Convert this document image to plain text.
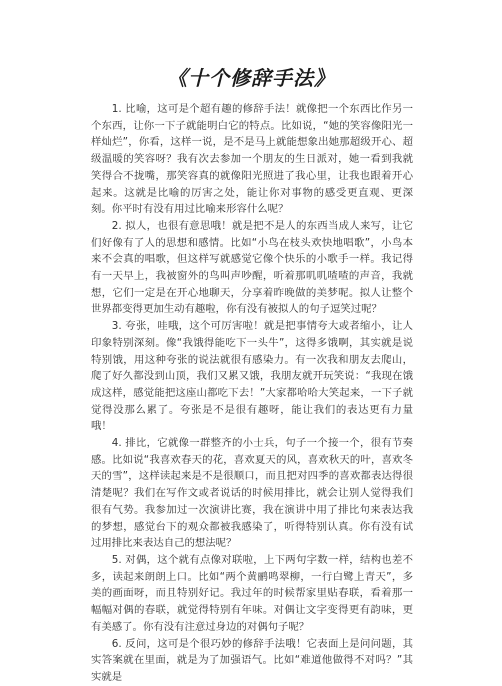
《十个修辞手法》

1. 比喻，这可是个超有趣的修辞手法！就像把一个东西比作另一个东西，让你一下子就能明白它的特点。比如说，“她的笑容像阳光一样灿烂”，你看，这样一说，是不是马上就能想象出她那超级开心、超级温暖的笑容呀？我有次去参加一个朋友的生日派对，她一看到我就笑得合不拢嘴，那笑容真的就像阳光照进了我心里，让我也跟着开心起来。这就是比喻的厉害之处，能让你对事物的感受更直观、更深刻。你平时有没有用过比喻来形容什么呢？

2. 拟人，也很有意思哦！就是把不是人的东西当成人来写，让它们好像有了人的思想和感情。比如“小鸟在枝头欢快地唱歌”，小鸟本来不会真的唱歌，但这样写就感觉它像个快乐的小歌手一样。我记得有一天早上，我被窗外的鸟叫声吵醒，听着那叽叽喳喳的声音，我就想，它们一定是在开心地聊天，分享着昨晚做的美梦呢。拟人让整个世界都变得更加生动有趣啦，你有没有被拟人的句子逗笑过呢？

3. 夸张，哇哦，这个可厉害啦！就是把事情夸大或者缩小，让人印象特别深刻。像“我饿得能吃下一头牛”，这得多饿啊，其实就是说特别饿，用这种夸张的说法就很有感染力。有一次我和朋友去爬山，爬了好久都没到山顶，我们又累又饿，我朋友就开玩笑说：“我现在饿成这样，感觉能把这座山都吃下去！”大家都哈哈大笑起来，一下子就觉得没那么累了。夸张是不是很有趣呀，能让我们的表达更有力量哦！

4. 排比，它就像一群整齐的小士兵，句子一个接一个，很有节奏感。比如说“我喜欢春天的花，喜欢夏天的风，喜欢秋天的叶，喜欢冬天的雪”，这样读起来是不是很顺口，而且把对四季的喜欢都表达得很清楚呢？我们在写作文或者说话的时候用排比，就会让别人觉得我们很有气势。我参加过一次演讲比赛，我在演讲中用了排比句来表达我的梦想，感觉台下的观众都被我感染了，听得特别认真。你有没有试过用排比来表达自己的想法呢？

5. 对偶，这个就有点像对联啦，上下两句字数一样，结构也差不多，读起来朗朗上口。比如“两个黄鹂鸣翠柳，一行白鹭上青天”，多美的画面呀，而且特别好记。我过年的时候帮家里贴春联，看着那一幅幅对偶的春联，就觉得特别有年味。对偶让文字变得更有韵味，更有美感了。你有没有注意过身边的对偶句子呢？

6. 反问，这可是个很巧妙的修辞手法哦！它表面上是问问题，其实答案就在里面，就是为了加强语气。比如“难道他做得不对吗？”其实就是
